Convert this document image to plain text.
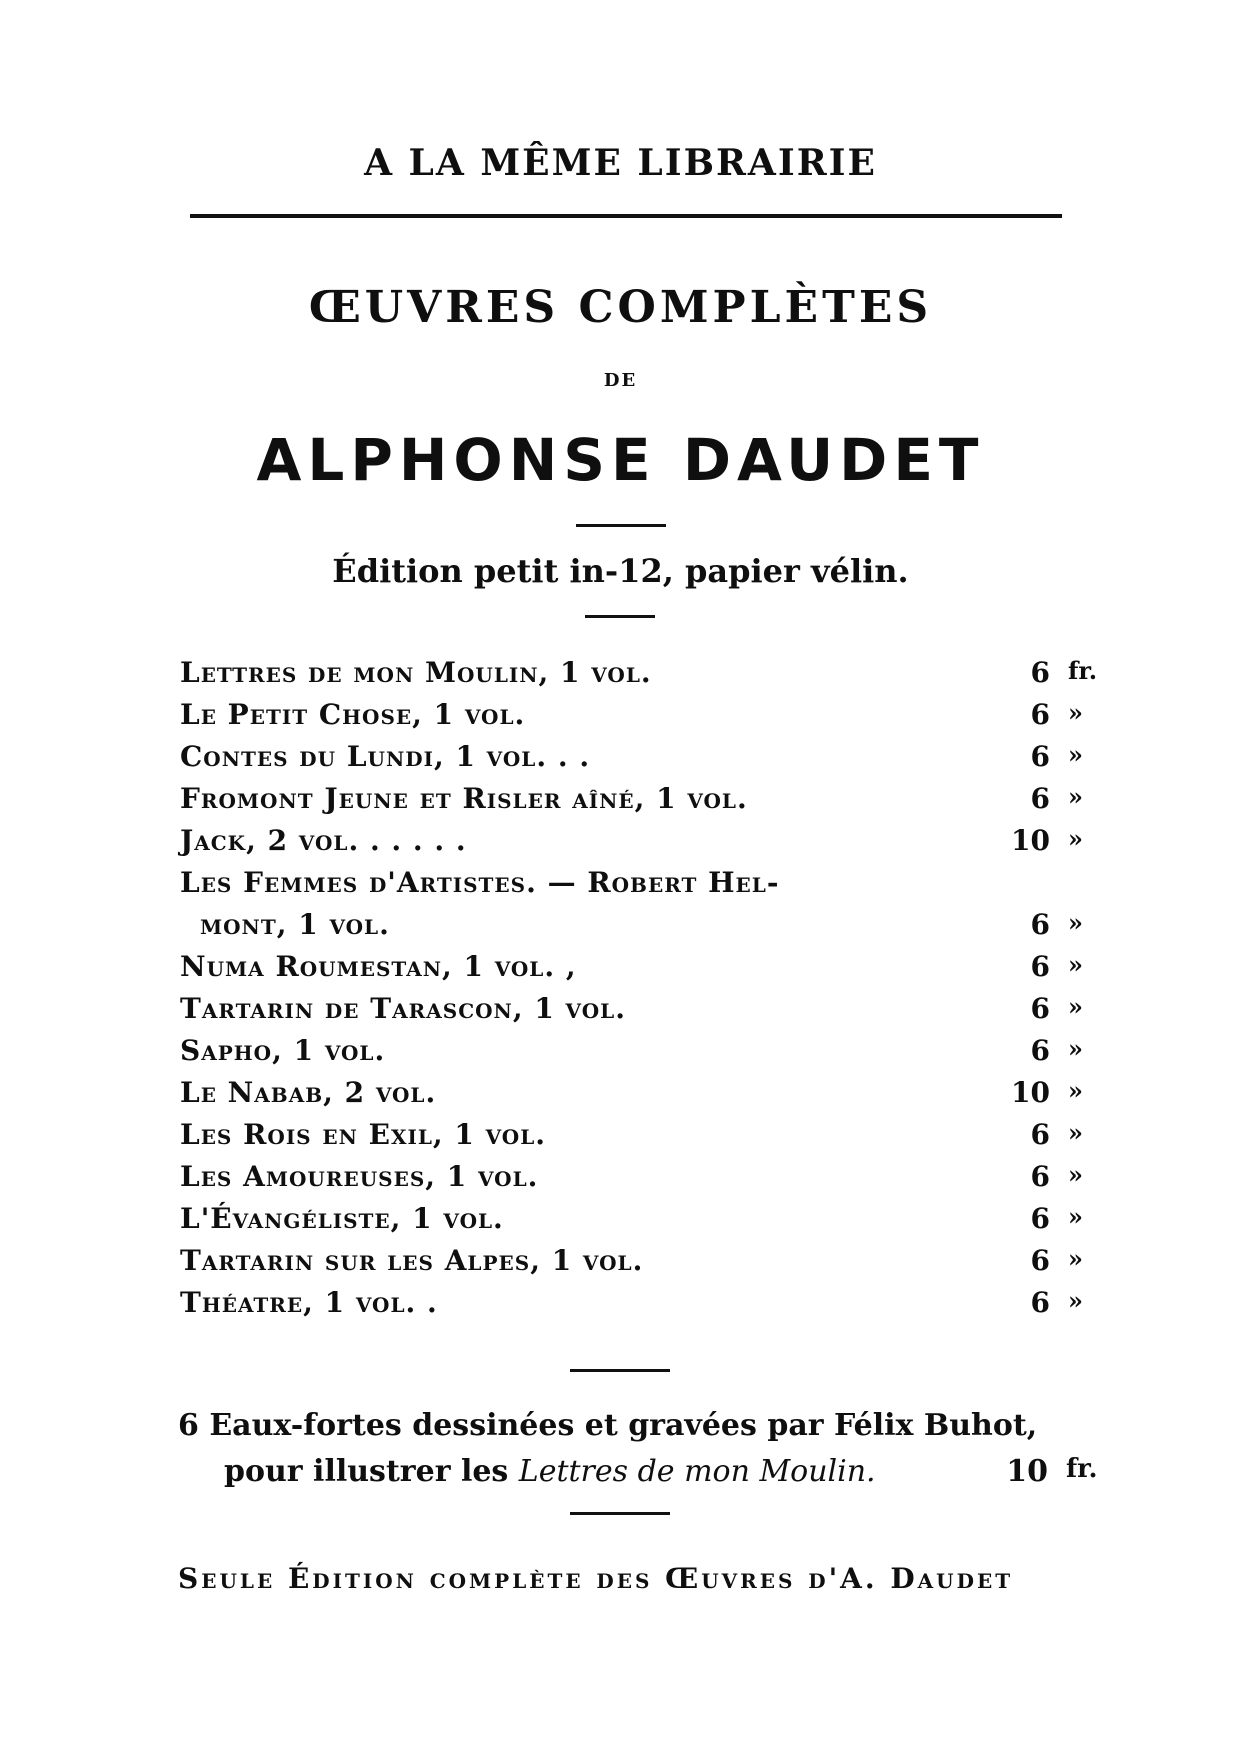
A LA MÊME LIBRAIRIE
ŒUVRES COMPLÈTES
DE
ALPHONSE DAUDET
Édition petit in-12, papier vélin.
Lettres de mon Moulin, 1 vol.	6 fr.
Le Petit Chose, 1 vol.	6 »
Contes du Lundi, 1 vol. . .	6 »
Fromont Jeune et Risler aîné, 1 vol.	6 »
Jack, 2 vol. . . . . .	10 »
Les Femmes d'Artistes. — Robert Hel-
mont, 1 vol.	6 »
Numa Roumestan, 1 vol. ,	6 »
Tartarin de Tarascon, 1 vol.	6 »
Sapho, 1 vol.	6 »
Le Nabab, 2 vol.	10 »
Les Rois en Exil, 1 vol.	6 »
Les Amoureuses, 1 vol.	6 »
L'Évangéliste, 1 vol.	6 »
Tartarin sur les Alpes, 1 vol.	6 »
Théatre, 1 vol. .	6 »
6 Eaux-fortes dessinées et gravées par Félix Buhot,
pour illustrer les Lettres de mon Moulin.	10 fr.
Seule Édition complète des Œuvres d'A. Daudet
